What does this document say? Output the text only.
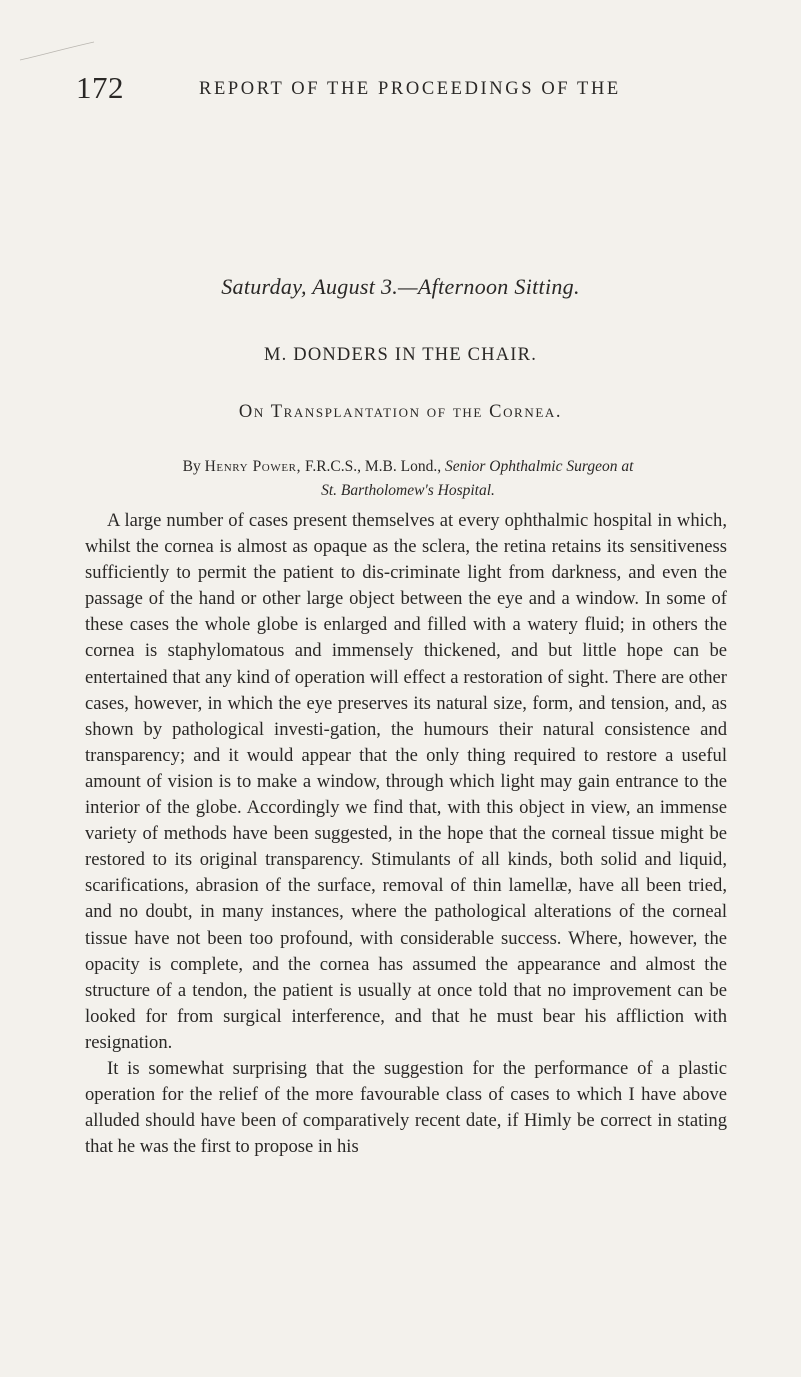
172	REPORT OF THE PROCEEDINGS OF THE
Saturday, August 3.—Afternoon Sitting.
M. DONDERS IN THE CHAIR.
On Transplantation of the Cornea.
By Henry Power, F.R.C.S., M.B. Lond., Senior Ophthalmic Surgeon at
St. Bartholomew's Hospital.

A large number of cases present themselves at every ophthalmic hospital in which, whilst the cornea is almost as opaque as the sclera, the retina retains its sensitiveness sufficiently to permit the patient to dis-criminate light from darkness, and even the passage of the hand or other large object between the eye and a window. In some of these cases the whole globe is enlarged and filled with a watery fluid; in others the cornea is staphylomatous and immensely thickened, and but little hope can be entertained that any kind of operation will effect a restoration of sight. There are other cases, however, in which the eye preserves its natural size, form, and tension, and, as shown by pathological investi-gation, the humours their natural consistence and transparency; and it would appear that the only thing required to restore a useful amount of vision is to make a window, through which light may gain entrance to the interior of the globe. Accordingly we find that, with this object in view, an immense variety of methods have been suggested, in the hope that the corneal tissue might be restored to its original transparency. Stimulants of all kinds, both solid and liquid, scarifications, abrasion of the surface, removal of thin lamellæ, have all been tried, and no doubt, in many instances, where the pathological alterations of the corneal tissue have not been too profound, with considerable success. Where, however, the opacity is complete, and the cornea has assumed the appearance and almost the structure of a tendon, the patient is usually at once told that no improvement can be looked for from surgical interference, and that he must bear his affliction with resignation.

It is somewhat surprising that the suggestion for the performance of a plastic operation for the relief of the more favourable class of cases to which I have above alluded should have been of comparatively recent date, if Himly be correct in stating that he was the first to propose in his
